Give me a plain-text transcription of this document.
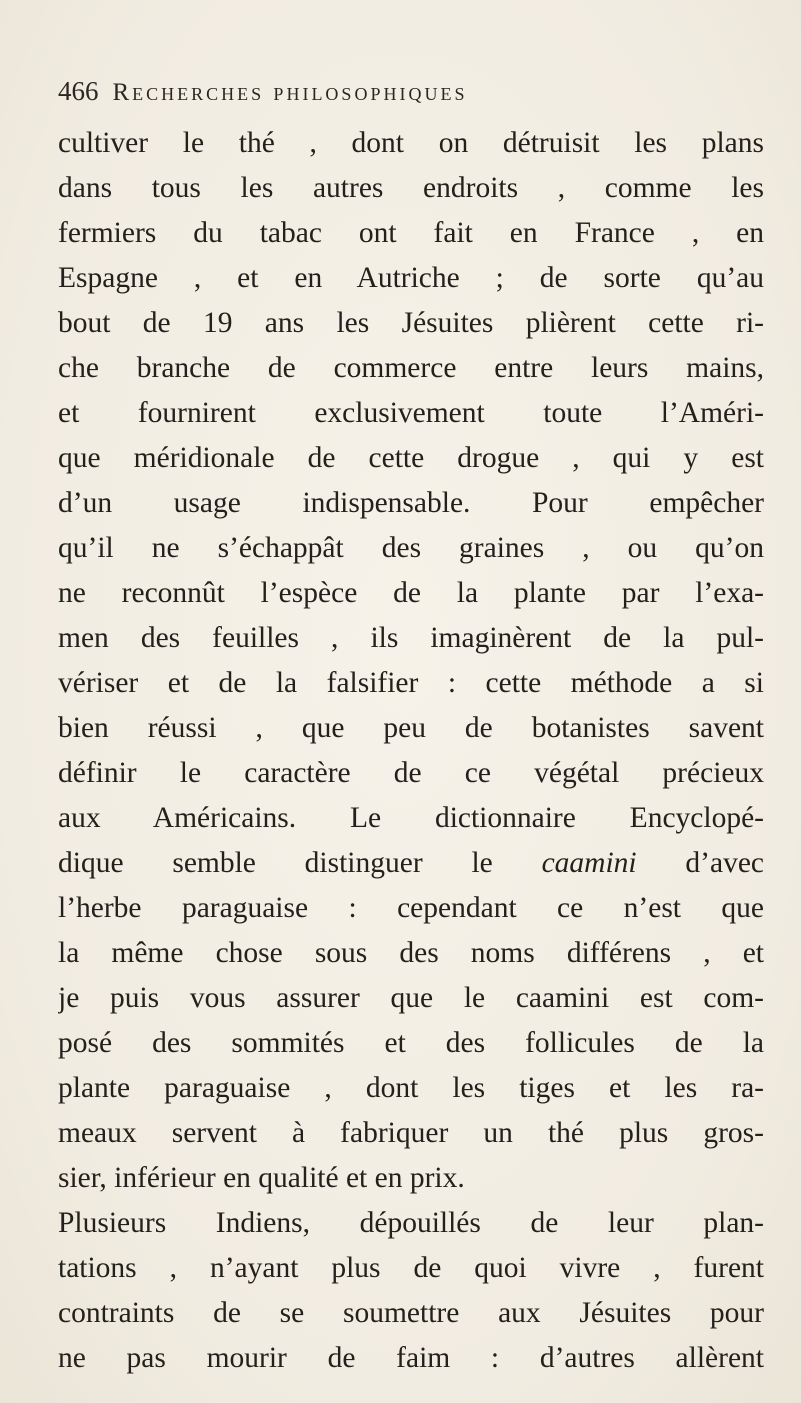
466 Recherches philosophiques
cultiver le thé , dont on détruisit les plans
dans tous les autres endroits , comme les
fermiers du tabac ont fait en France , en
Espagne , et en Autriche ; de sorte qu’au
bout de 19 ans les Jésuites plièrent cette ri-
che branche de commerce entre leurs mains,
et fournirent exclusivement toute l’Améri-
que méridionale de cette drogue , qui y est
d’un usage indispensable. Pour empêcher
qu’il ne s’échappât des graines , ou qu’on
ne reconnût l’espèce de la plante par l’exa-
men des feuilles , ils imaginèrent de la pul-
vériser et de la falsifier : cette méthode a si
bien réussi , que peu de botanistes savent
définir le caractère de ce végétal précieux
aux Américains. Le dictionnaire Encyclopé-
dique semble distinguer le caamini d’avec
l’herbe paraguaise : cependant ce n’est que
la même chose sous des noms différens , et
je puis vous assurer que le caamini est com-
posé des sommités et des follicules de la
plante paraguaise , dont les tiges et les ra-
meaux servent à fabriquer un thé plus gros-
sier, inférieur en qualité et en prix.
Plusieurs Indiens, dépouillés de leur plan-
tations , n’ayant plus de quoi vivre , furent
contraints de se soumettre aux Jésuites pour
ne pas mourir de faim : d’autres allèrent
